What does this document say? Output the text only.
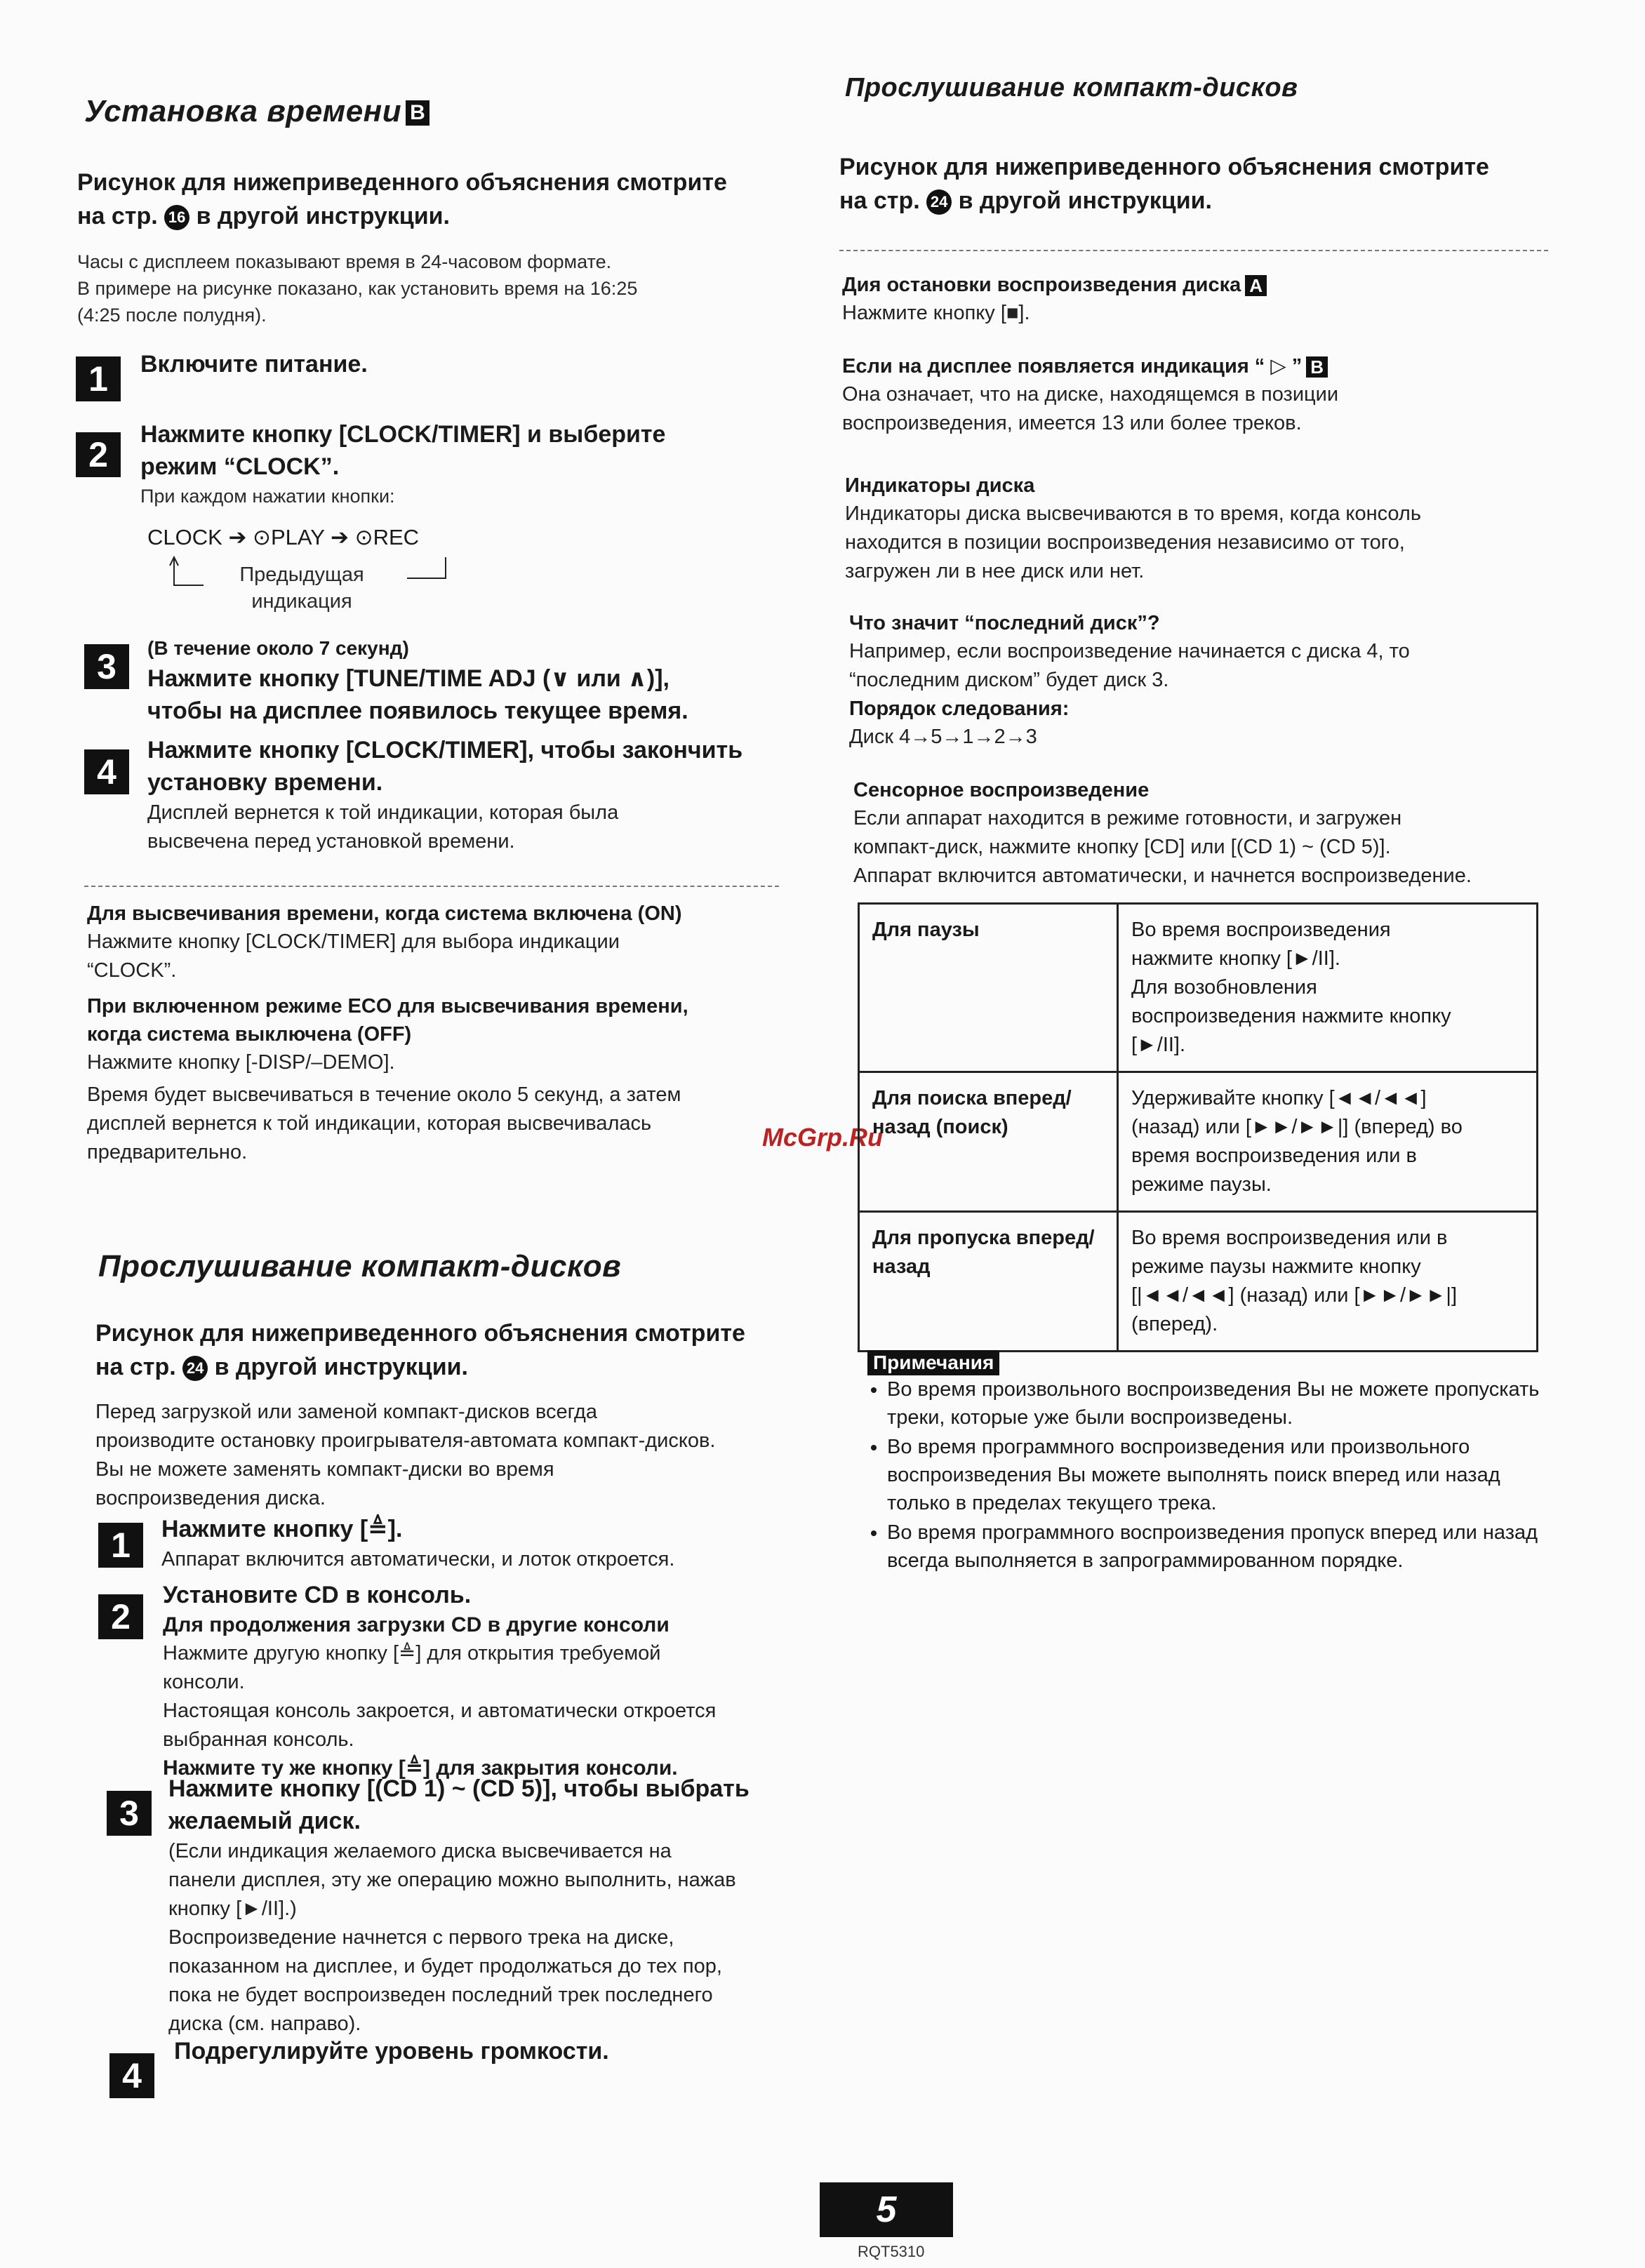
Установка времени B
Рисунок для нижеприведенного объяснения смотрите
на стр. 16 в другой инструкции.
Часы с дисплеем показывают время в 24-часовом формате.
В примере на рисунке показано, как установить время на 16:25
(4:25 после полудня).
1	Включите питание.
2
Нажмите кнопку [CLOCK/TIMER] и выберите
режим “CLOCK”.
При каждом нажатии кнопки:
CLOCK ➔ ⊙PLAY ➔ ⊙REC
Предыдущая
индикация
3	(В течение около 7 секунд)
Нажмите кнопку [TUNE/TIME ADJ (∨ или ∧)],
чтобы на дисплее появилось текущее время.
4
Нажмите кнопку [CLOCK/TIMER], чтобы закончить
установку времени.
Дисплей вернется к той индикации, которая была
высвечена перед установкой времени.
Для высвечивания времени, когда система включена (ON)
Нажмите кнопку [CLOCK/TIMER] для выбора индикации
“CLOCK”.
При включенном режиме ECO для высвечивания времени,
когда система выключена (OFF)
Нажмите кнопку [-DISP/–DEMO].
Время будет высвечиваться в течение около 5 секунд, а затем
дисплей вернется к той индикации, которая высвечивалась
предварительно.
McGrp.Ru
Прослушивание компакт-дисков
Рисунок для нижеприведенного объяснения смотрите
на стр. 24 в другой инструкции.
Перед загрузкой или заменой компакт-дисков всегда
производите остановку проигрывателя-автомата компакт-дисков.
Вы не можете заменять компакт-диски во время
воспроизведения диска.
1	Нажмите кнопку [≜].
Аппарат включится автоматически, и лоток откроется.
2
Установите CD в консоль.
Для продолжения загрузки CD в другие консоли
Нажмите другую кнопку [≜] для открытия требуемой
консоли.
Настоящая консоль закроется, и автоматически откроется
выбранная консоль.
Нажмите ту же кнопку [≜] для закрытия консоли.
3
Нажмите кнопку [(CD 1) ~ (CD 5)], чтобы выбрать
желаемый диск.
(Если индикация желаемого диска высвечивается на
панели дисплея, эту же операцию можно выполнить, нажав
кнопку [►/II].)
Воспроизведение начнется с первого трека на диске,
показанном на дисплее, и будет продолжаться до тех пор,
пока не будет воспроизведен последний трек последнего
диска (см. направо).
4
Подрегулируйте уровень громкости.
Прослушивание компакт-дисков
Рисунок для нижеприведенного объяснения смотрите
на стр. 24 в другой инструкции.
Дия остановки воспроизведения диска A
Нажмите кнопку [■].
Если на дисплее появляется индикация “ ▷ ” B
Она означает, что на диске, находящемся в позиции
воспроизведения, имеется 13 или более треков.
Индикаторы диска
Индикаторы диска высвечиваются в то время, когда консоль
находится в позиции воспроизведения независимо от того,
загружен ли в нее диск или нет.
Что значит “последний диск”?
Например, если воспроизведение начинается с диска 4, то
“последним диском” будет диск 3.
Порядок следования:
Диск 4→5→1→2→3
Сенсорное воспроизведение
Если аппарат находится в режиме готовности, и загружен
компакт-диск, нажмите кнопку [CD] или [(CD 1) ~ (CD 5)].
Аппарат включится автоматически, и начнется воспроизведение.
Для паузы	Во время воспроизведения
нажмите кнопку [►/II].
Для возобновления
воспроизведения нажмите кнопку
[►/II].

Для поиска вперед/ назад (поиск)	Удерживайте кнопку [◄◄/◄◄]
(назад) или [►►/►►|] (вперед) во
время воспроизведения или в
режиме паузы.

Для пропуска вперед/ назад	Во время воспроизведения или в
режиме паузы нажмите кнопку
[|◄◄/◄◄] (назад) или [►►/►►|]
(вперед).
Примечания
• Во время произвольного воспроизведения Вы не можете пропускать треки, которые уже были воспроизведены.
• Во время программного воспроизведения или произвольного воспроизведения Вы можете выполнять поиск вперед или назад только в пределах текущего трека.
• Во время программного воспроизведения пропуск вперед или назад всегда выполняется в запрограммированном порядке.
5
RQT5310
